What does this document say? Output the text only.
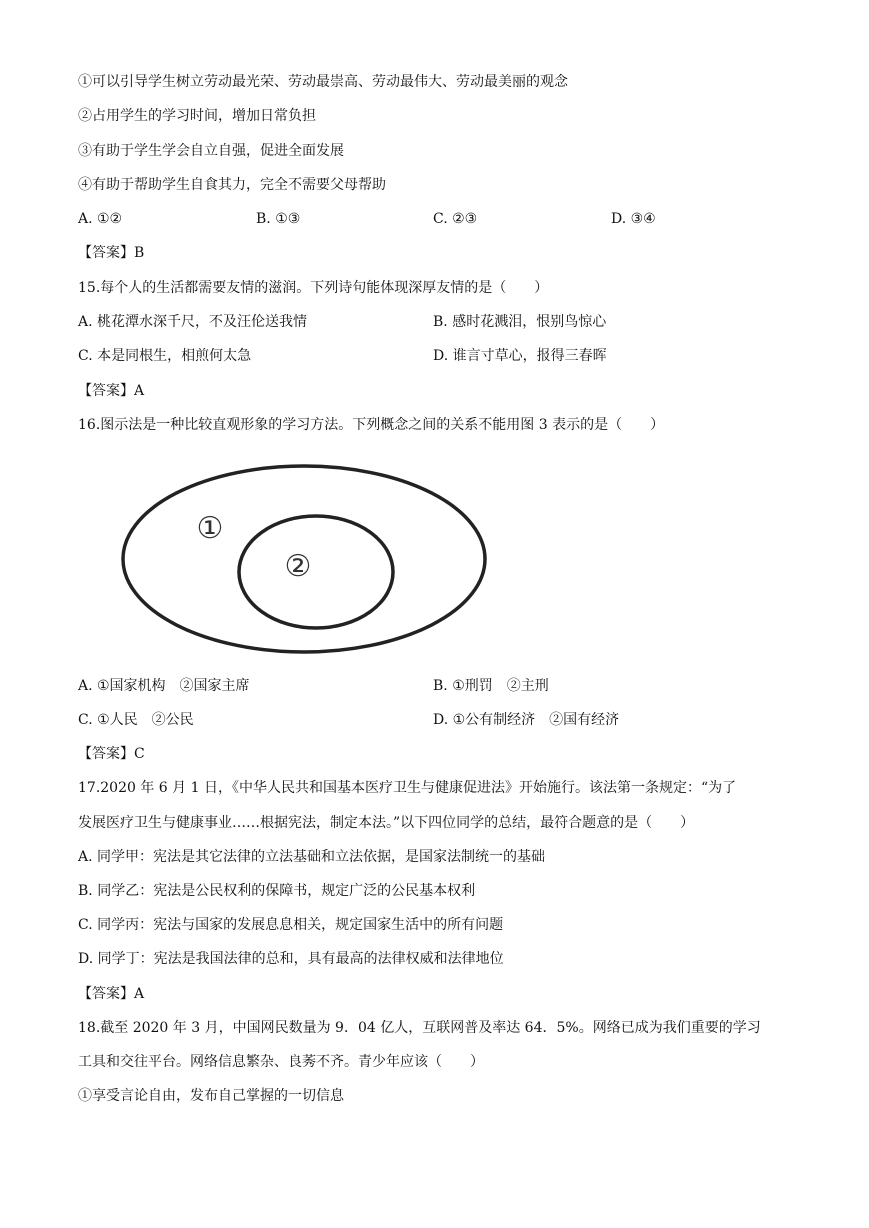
①可以引导学生树立劳动最光荣、劳动最崇高、劳动最伟大、劳动最美丽的观念
②占用学生的学习时间，增加日常负担
③有助于学生学会自立自强，促进全面发展
④有助于帮助学生自食其力，完全不需要父母帮助
A. ①②	B. ①③	C. ②③	D. ③④
【答案】B
15.每个人的生活都需要友情的滋润。下列诗句能体现深厚友情的是（　　）
A. 桃花潭水深千尺，不及汪伦送我情	B. 感时花溅泪，恨别鸟惊心
C. 本是同根生，相煎何太急	D. 谁言寸草心，报得三春晖
【答案】A
16.图示法是一种比较直观形象的学习方法。下列概念之间的关系不能用图 3 表示的是（　　）
①
②
A. ①国家机构　②国家主席	B. ①刑罚　②主刑
C. ①人民　②公民	D. ①公有制经济　②国有经济
【答案】C
17.2020 年 6 月 1 日，《中华人民共和国基本医疗卫生与健康促进法》开始施行。该法第一条规定：“为了
发展医疗卫生与健康事业……根据宪法，制定本法。”以下四位同学的总结，最符合题意的是（　　）
A. 同学甲：宪法是其它法律的立法基础和立法依据，是国家法制统一的基础
B. 同学乙：宪法是公民权利的保障书，规定广泛的公民基本权利
C. 同学丙：宪法与国家的发展息息相关，规定国家生活中的所有问题
D. 同学丁：宪法是我国法律的总和，具有最高的法律权威和法律地位
【答案】A
18.截至 2020 年 3 月，中国网民数量为 9．04 亿人，互联网普及率达 64．5%。网络已成为我们重要的学习
工具和交往平台。网络信息繁杂、良莠不齐。青少年应该（　　）
①享受言论自由，发布自己掌握的一切信息
